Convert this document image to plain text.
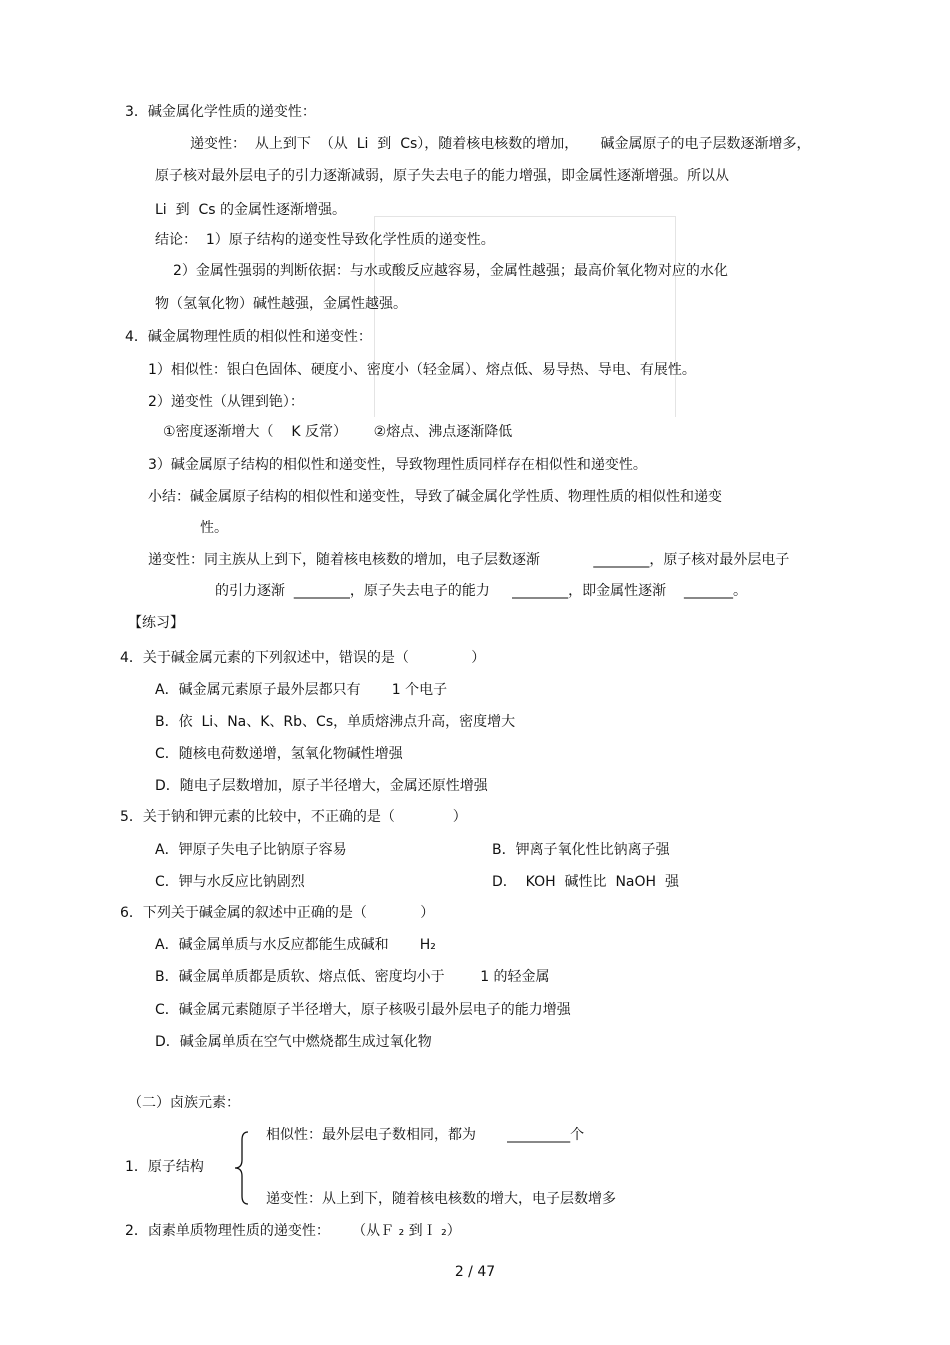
3．碱金属化学性质的递变性：
递变性：  从上到下  （从  Li  到  Cs），随着核电核数的增加，     碱金属原子的电子层数逐渐增多，
原子核对最外层电子的引力逐渐减弱，原子失去电子的能力增强，即金属性逐渐增强。所以从
Li  到  Cs 的金属性逐渐增强。
结论：  1）原子结构的递变性导致化学性质的递变性。
2）金属性强弱的判断依据：与水或酸反应越容易，金属性越强；最高价氧化物对应的水化
物（氢氧化物）碱性越强，金属性越强。
4．碱金属物理性质的相似性和递变性：
1）相似性：银白色固体、硬度小、密度小（轻金属）、熔点低、易导热、导电、有展性。
2）递变性（从锂到铯）：
①密度逐渐增大（    K 反常）      ②熔点、沸点逐渐降低
3）碱金属原子结构的相似性和递变性，导致物理性质同样存在相似性和递变性。
小结：碱金属原子结构的相似性和递变性，导致了碱金属化学性质、物理性质的相似性和递变
性。
递变性：同主族从上到下，随着核电核数的增加，电子层数逐渐            ________，原子核对最外层电子
的引力逐渐  ________，原子失去电子的能力     ________，即金属性逐渐    _______。
【练习】
4．关于碱金属元素的下列叙述中，错误的是（              ）
A．碱金属元素原子最外层都只有       1 个电子
B．依  Li、Na、K、Rb、Cs，单质熔沸点升高，密度增大
C．随核电荷数递增，氢氧化物碱性增强
D．随电子层数增加，原子半径增大，金属还原性增强
5．关于钠和钾元素的比较中，不正确的是（             ）
A．钾原子失电子比钠原子容易	B．钾离子氧化性比钠离子强
C．钾与水反应比钠剧烈	D．  KOH  碱性比  NaOH  强
6．下列关于碱金属的叙述中正确的是（            ）
A．碱金属单质与水反应都能生成碱和       H₂
B．碱金属单质都是质软、熔点低、密度均小于        1 的轻金属
C．碱金属元素随原子半径增大，原子核吸引最外层电子的能力增强
D．碱金属单质在空气中燃烧都生成过氧化物
（二）卤族元素：
相似性：最外层电子数相同，都为       _________个
1．原子结构
递变性：从上到下，随着核电核数的增大，电子层数增多
2．卤素单质物理性质的递变性：     （从Ｆ ₂ 到Ｉ ₂）
2 / 47
